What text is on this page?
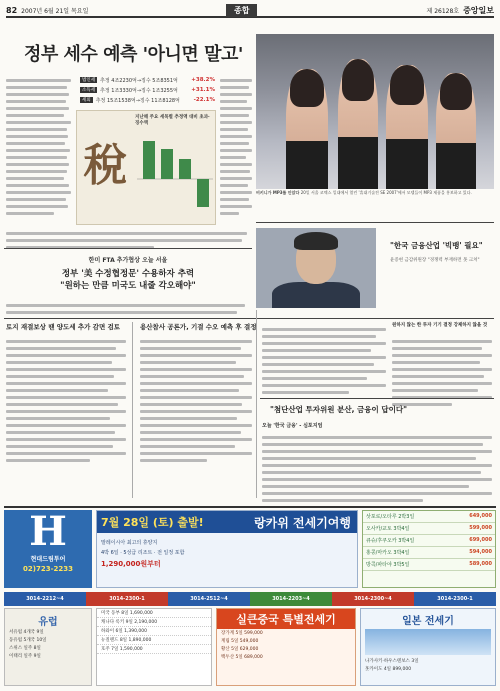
82 2007년 6월 21일 목요일	종합	제 26128호 중앙일보
정부 세수 예측 '아니면 말고'
법인세	추정 4조2230억→징수 5조8351억	+38.2%
소득세	추정 1조3330억→징수 1조3255억	+31.1%
세외	추정 15조1538억→징수 11조8128억	-22.1%
稅
지난해 주요 세목별 추정액 대비 초과·징수액
비키니가 MP3를 안았다 20일 서울 코엑스 일대에서 열린 '휴대기술전 SE 2007'에서 모델들이 MP3 제품을 홍보하고 있다.
한미 FTA 추가협상 오늘 서울
정부 '美 수정협정문' 수용하자 추력
"원하는 만큼 미국도 내줄 각오해야"
"한국 금융산업 '빅뱅' 필요"
윤증현 금감위원장 "경쟁력 부재하면 못 크쳐"
토지 재결보상 땐 양도세 추가 감면 검토	용산참사 공론가, 기결 수오 예측 후 결정	원하지 않는 한 투자 기기 결정 강제하지 않을 것
"첨단산업 투자위원 분산, 금융이 답이다"
오늘 '한국 금융' - 심포지엄
H
현대드림투어
02)723-2233
7월 28일 (토) 출발!	랑카위 전세기여행
말레이시아 최고의 휴양지
4박 6일 · 5성급 리조트 · 전 일정 포함
1,290,000원부터
삿포로/오타루 2박3일	649,000
오사카/교토 3박4일	599,000
큐슈/후쿠오카 3박4일	699,000
홍콩/마카오 3박4일	594,000
방콕/파타야 3박5일	589,000
3014-2212~4	3014-2300-1	3014-2512~4	3014-2203~4	3014-2300~4	3014-2300-1
유럽
서유럽 4개국 9일
동유럽 5개국 10일
스위스 일주 8일
이태리 일주 9일
미국 동부 8일 1,690,000
캐나다 록키 9일 2,190,000
하와이 6일 1,390,000
뉴질랜드 8일 1,890,000
호주 7일 1,590,000
실큰중국 특별전세기
장가계 5일 599,000
계림 5일 549,000
황산 5일 629,000
백두산 5일 689,000
일본 전세기
나가사키·하우스텐보스 3일
홋카이도 4일 899,000
